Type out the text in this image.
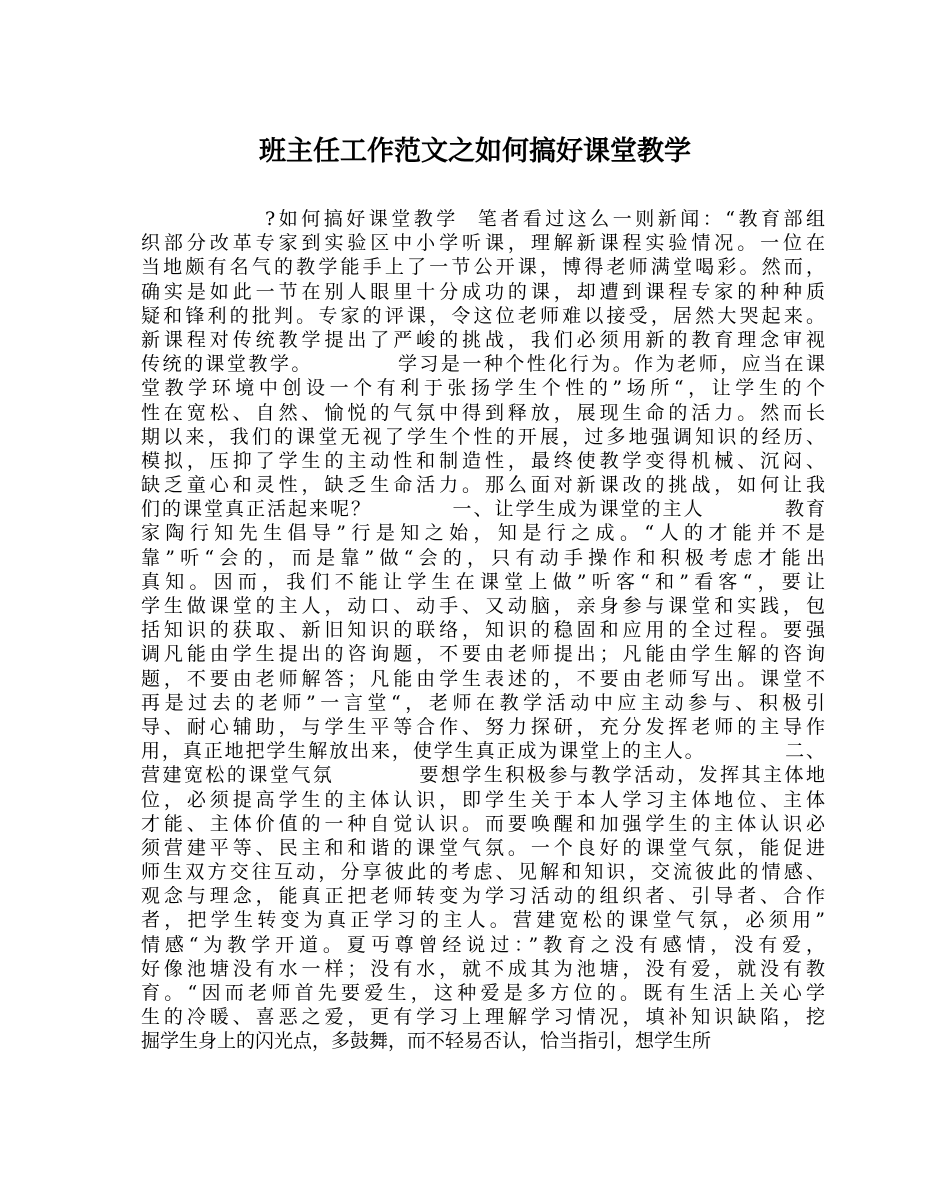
班主任工作范文之如何搞好课堂教学
?如何搞好课堂教学  笔者看过这么一则新闻：“教育部组
织部分改革专家到实验区中小学听课，理解新课程实验情况。一位在
当地颇有名气的教学能手上了一节公开课，博得老师满堂喝彩。然而，
确实是如此一节在别人眼里十分成功的课，却遭到课程专家的种种质
疑和锋利的批判。专家的评课，令这位老师难以接受，居然大哭起来。
新课程对传统教学提出了严峻的挑战，我们必须用新的教育理念审视
传统的课堂教学。          学习是一种个性化行为。作为老师，应当在课
堂教学环境中创设一个有利于张扬学生个性的”场所“，让学生的个
性在宽松、自然、愉悦的气氛中得到释放，展现生命的活力。然而长
期以来，我们的课堂无视了学生个性的开展，过多地强调知识的经历、
模拟，压抑了学生的主动性和制造性，最终使教学变得机械、沉闷、
缺乏童心和灵性，缺乏生命活力。那么面对新课改的挑战，如何让我
们的课堂真正活起来呢？          一、让学生成为课堂的主人          教育
家陶行知先生倡导”行是知之始，知是行之成。“人的才能并不是
靠”听“会的，而是靠”做“会的，只有动手操作和积极考虑才能出
真知。因而，我们不能让学生在课堂上做”听客“和”看客“，要让
学生做课堂的主人，动口、动手、又动脑，亲身参与课堂和实践，包
括知识的获取、新旧知识的联络，知识的稳固和应用的全过程。要强
调凡能由学生提出的咨询题，不要由老师提出；凡能由学生解的咨询
题，不要由老师解答；凡能由学生表述的，不要由老师写出。课堂不
再是过去的老师”一言堂“，老师在教学活动中应主动参与、积极引
导、耐心辅助，与学生平等合作、努力探研，充分发挥老师的主导作
用，真正地把学生解放出来，使学生真正成为课堂上的主人。          二、
营建宽松的课堂气氛          要想学生积极参与教学活动，发挥其主体地
位，必须提高学生的主体认识，即学生关于本人学习主体地位、主体
才能、主体价值的一种自觉认识。而要唤醒和加强学生的主体认识必
须营建平等、民主和和谐的课堂气氛。一个良好的课堂气氛，能促进
师生双方交往互动，分享彼此的考虑、见解和知识，交流彼此的情感、
观念与理念，能真正把老师转变为学习活动的组织者、引导者、合作
者，把学生转变为真正学习的主人。营建宽松的课堂气氛，必须用”
情感“为教学开道。夏丏尊曾经说过：”教育之没有感情，没有爱，
好像池塘没有水一样；没有水，就不成其为池塘，没有爱，就没有教
育。“因而老师首先要爱生，这种爱是多方位的。既有生活上关心学
生的冷暖、喜恶之爱，更有学习上理解学习情况，填补知识缺陷，挖
掘学生身上的闪光点，多鼓舞，而不轻易否认，恰当指引，想学生所
